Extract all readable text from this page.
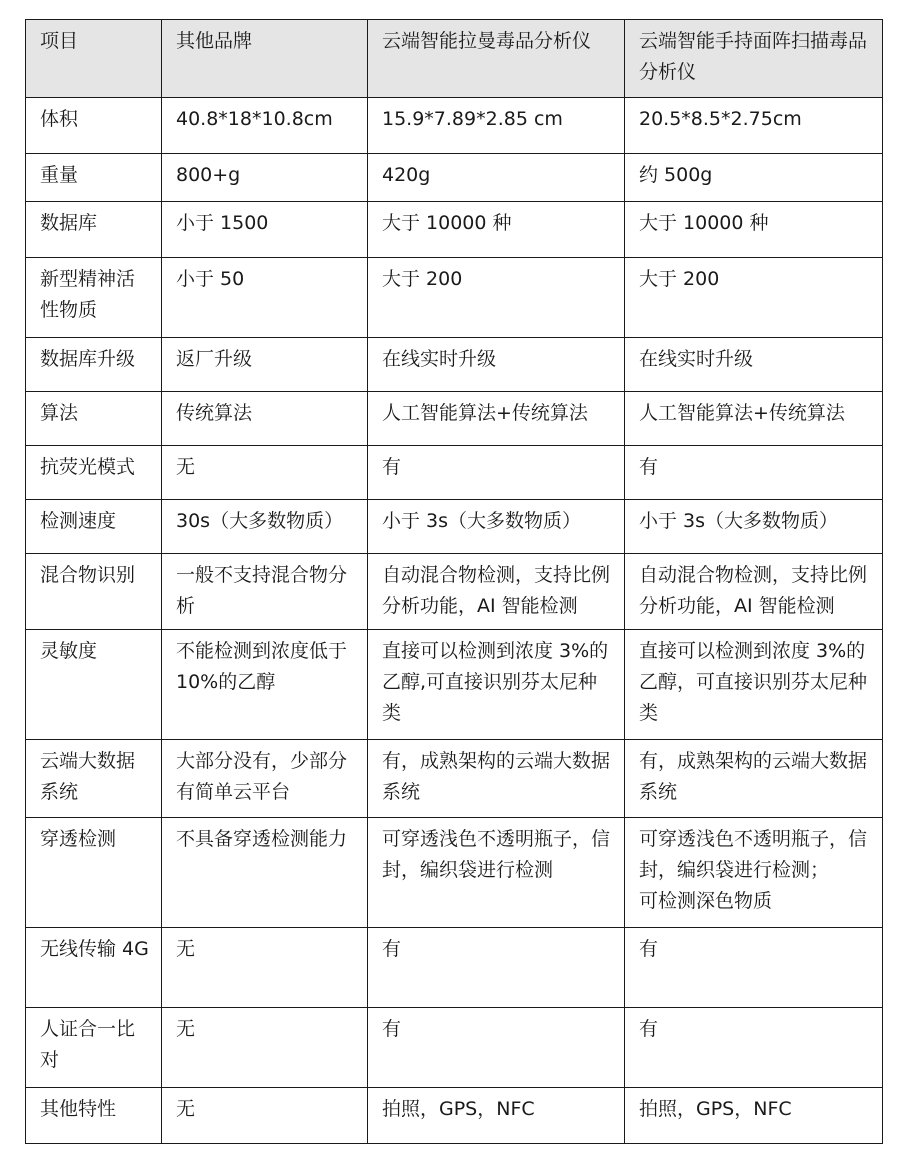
项目	其他品牌	云端智能拉曼毒品分析仪	云端智能手持面阵扫描毒品分析仪
体积	40.8*18*10.8cm	15.9*7.89*2.85 cm	20.5*8.5*2.75cm
重量	800+g	420g	约 500g
数据库	小于 1500	大于 10000 种	大于 10000 种
新型精神活性物质	小于 50	大于 200	大于 200
数据库升级	返厂升级	在线实时升级	在线实时升级
算法	传统算法	人工智能算法+传统算法	人工智能算法+传统算法
抗荧光模式	无	有	有
检测速度	30s（大多数物质）	小于 3s（大多数物质）	小于 3s（大多数物质）
混合物识别	一般不支持混合物分析	自动混合物检测，支持比例分析功能，AI 智能检测	自动混合物检测，支持比例分析功能，AI 智能检测
灵敏度	不能检测到浓度低于 10%的乙醇	直接可以检测到浓度 3%的乙醇,可直接识别芬太尼种类	直接可以检测到浓度 3%的乙醇，可直接识别芬太尼种类
云端大数据系统	大部分没有，少部分有简单云平台	有，成熟架构的云端大数据系统	有，成熟架构的云端大数据系统
穿透检测	不具备穿透检测能力	可穿透浅色不透明瓶子，信封，编织袋进行检测	可穿透浅色不透明瓶子，信封，编织袋进行检测；
可检测深色物质
无线传输 4G	无	有	有
人证合一比对	无	有	有
其他特性	无	拍照，GPS，NFC	拍照，GPS，NFC
